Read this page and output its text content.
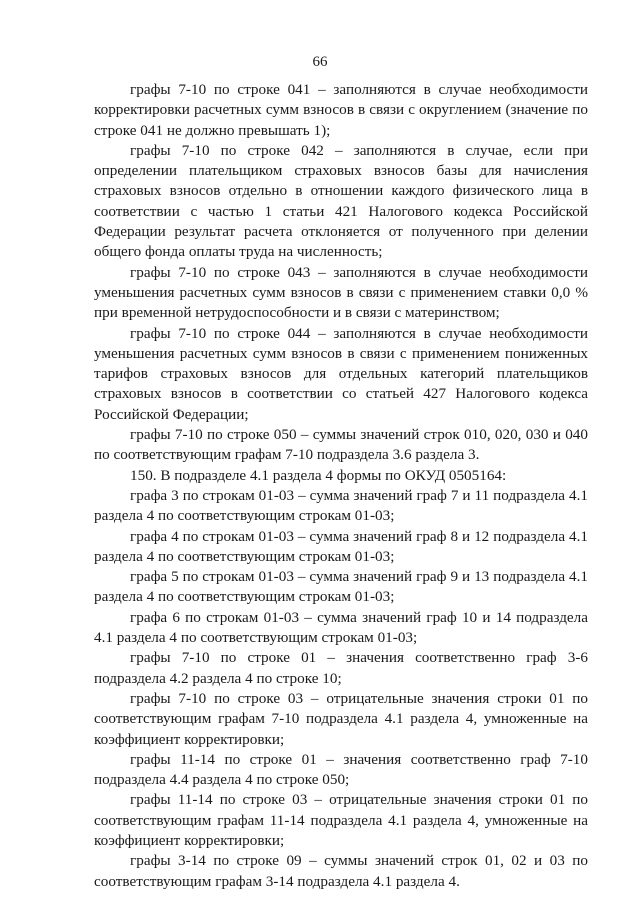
66

графы 7-10 по строке 041 – заполняются в случае необходимости корректировки расчетных сумм взносов в связи с округлением (значение по строке 041 не должно превышать 1);

графы 7-10 по строке 042 – заполняются в случае, если при определении плательщиком страховых взносов базы для начисления страховых взносов отдельно в отношении каждого физического лица в соответствии с частью 1 статьи 421 Налогового кодекса Российской Федерации результат расчета отклоняется от полученного при делении общего фонда оплаты труда на численность;

графы 7-10 по строке 043 – заполняются в случае необходимости уменьшения расчетных сумм взносов в связи с применением ставки 0,0 % при временной нетрудоспособности и в связи с материнством;

графы 7-10 по строке 044 – заполняются в случае необходимости уменьшения расчетных сумм взносов в связи с применением пониженных тарифов страховых взносов для отдельных категорий плательщиков страховых взносов в соответствии со статьей 427 Налогового кодекса Российской Федерации;

графы 7-10 по строке 050 – суммы значений строк 010, 020, 030 и 040 по соответствующим графам 7-10 подраздела 3.6 раздела 3.

150. В подразделе 4.1 раздела 4 формы по ОКУД 0505164:

графа 3 по строкам 01-03 – сумма значений граф 7 и 11 подраздела 4.1 раздела 4 по соответствующим строкам 01-03;

графа 4 по строкам 01-03 – сумма значений граф 8 и 12 подраздела 4.1 раздела 4 по соответствующим строкам 01-03;

графа 5 по строкам 01-03 – сумма значений граф 9 и 13 подраздела 4.1 раздела 4 по соответствующим строкам 01-03;

графа 6 по строкам 01-03 – сумма значений граф 10 и 14 подраздела 4.1 раздела 4 по соответствующим строкам 01-03;

графы 7-10 по строке 01 – значения соответственно граф 3-6 подраздела 4.2 раздела 4 по строке 10;

графы 7-10 по строке 03 – отрицательные значения строки 01 по соответствующим графам 7-10 подраздела 4.1 раздела 4, умноженные на коэффициент корректировки;

графы 11-14 по строке 01 – значения соответственно граф 7-10 подраздела 4.4 раздела 4 по строке 050;

графы 11-14 по строке 03 – отрицательные значения строки 01 по соответствующим графам 11-14 подраздела 4.1 раздела 4, умноженные на коэффициент корректировки;

графы 3-14 по строке 09 – суммы значений строк 01, 02 и 03 по соответствующим графам 3-14 подраздела 4.1 раздела 4.
